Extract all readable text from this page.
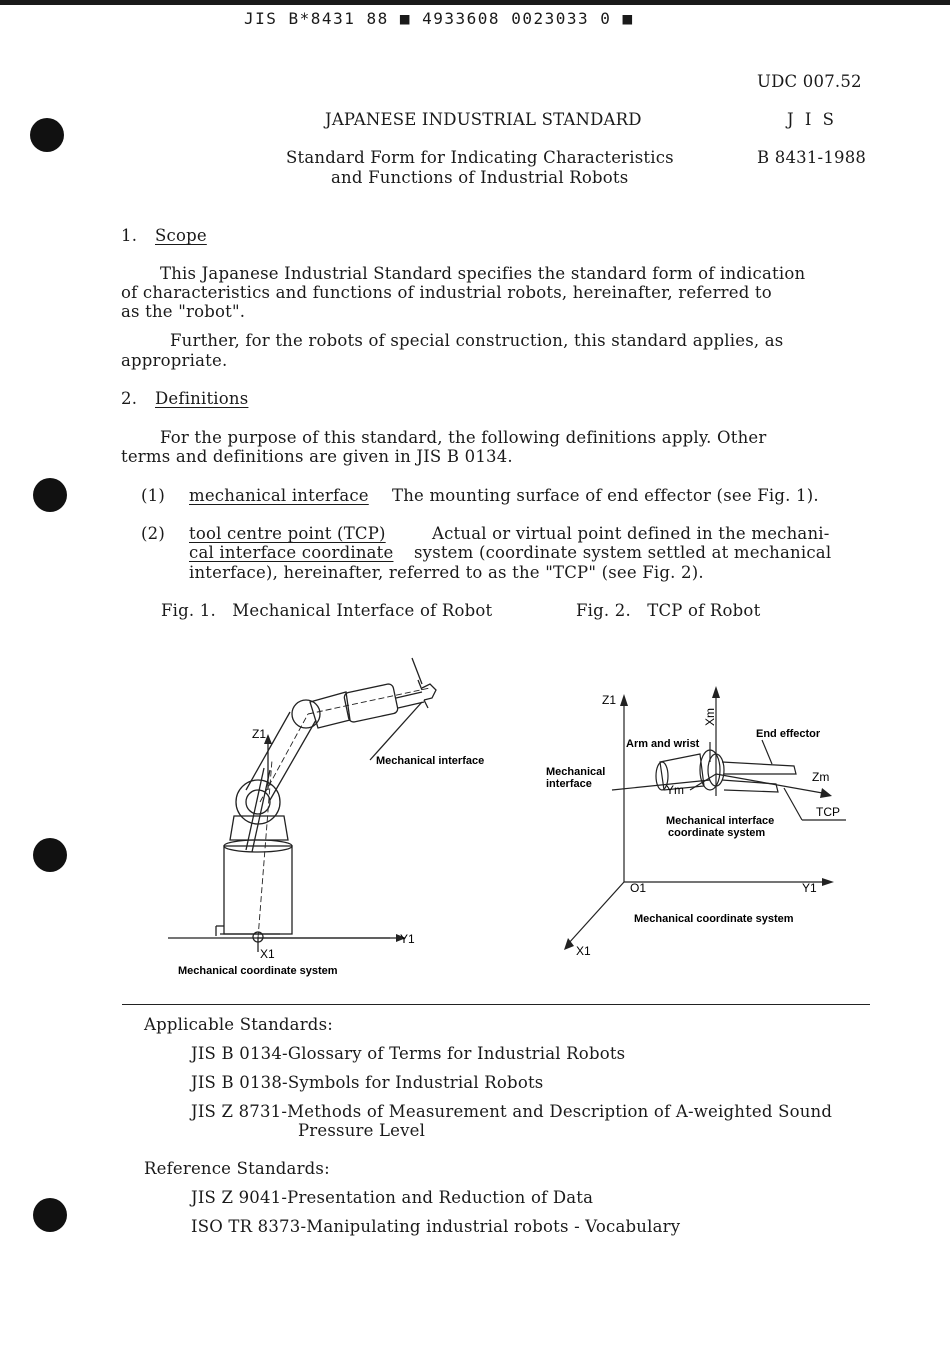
JIS B*8431 88 ■ 4933608 0023033 0 ■
UDC 007.52
JAPANESE INDUSTRIAL STANDARD	J I S
Standard Form for Indicating Characteristics	B 8431-1988
and Functions of Industrial Robots
1. Scope
This Japanese Industrial Standard specifies the standard form of indication
of characteristics and functions of industrial robots, hereinafter, referred to
as the "robot".
Further, for the robots of special construction, this standard applies, as
appropriate.
2. Definitions
For the purpose of this standard, the following definitions apply. Other
terms and definitions are given in JIS B 0134.
(1) mechanical interface The mounting surface of end effector (see Fig. 1).
(2) tool centre point (TCP)	Actual or virtual point defined in the mechani-
cal interface coordinate system (coordinate system settled at mechanical
interface), hereinafter, referred to as the "TCP" (see Fig. 2).
Fig. 1.   Mechanical Interface of Robot	Fig. 2.   TCP of Robot
Z1
X1
Y1
Mechanical interface
Mechanical coordinate system
Z1
Xm
Arm and wrist
End effector
Mechanical
interface	Zm
Ym
TCP
Mechanical interface
coordinate system
O1	Y1
Mechanical coordinate system
X1
Applicable Standards:
JIS B 0134-Glossary of Terms for Industrial Robots
JIS B 0138-Symbols for Industrial Robots
JIS Z 8731-Methods of Measurement and Description of A-weighted Sound
Pressure Level
Reference Standards:
JIS Z 9041-Presentation and Reduction of Data
ISO TR 8373-Manipulating industrial robots - Vocabulary
